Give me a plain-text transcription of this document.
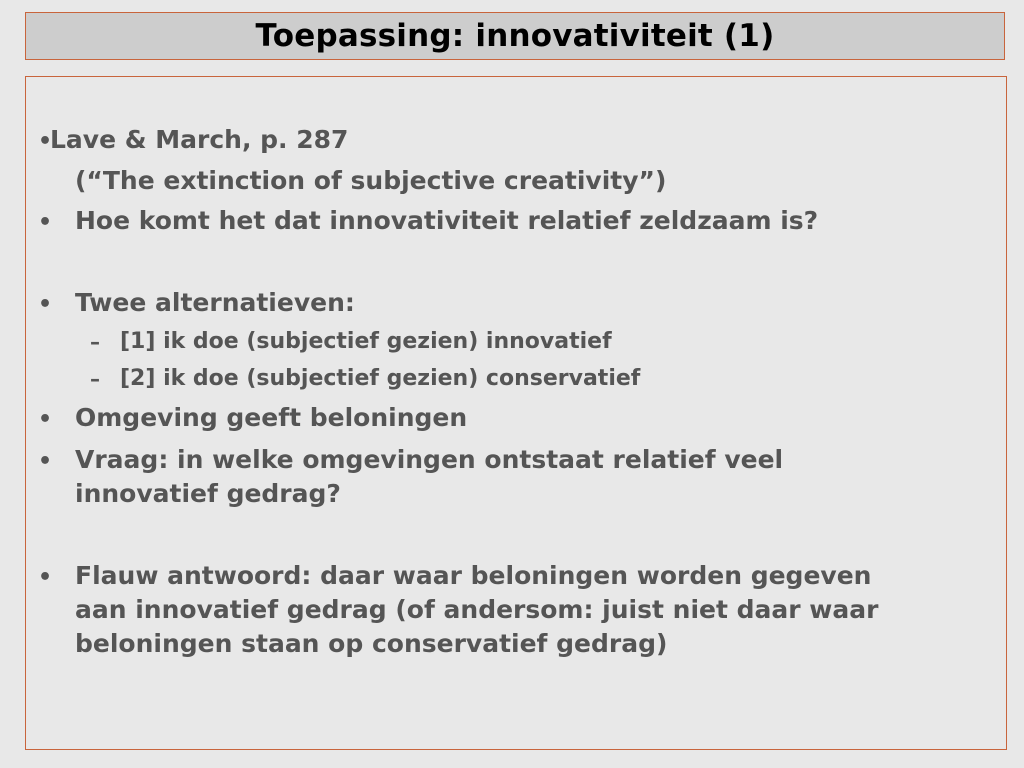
Toepassing: innovativiteit (1)
•
Lave & March, p. 287
(“The extinction of subjective creativity”)
• Hoe komt het dat innovativiteit relatief zeldzaam is?
• Twee alternatieven:
– [1] ik doe (subjectief gezien) innovatief
– [2] ik doe (subjectief gezien) conservatief
• Omgeving geeft beloningen
• Vraag: in welke omgevingen ontstaat relatief veel
innovatief gedrag?
• Flauw antwoord: daar waar beloningen worden gegeven
aan innovatief gedrag (of andersom: juist niet daar waar
beloningen staan op conservatief gedrag)
